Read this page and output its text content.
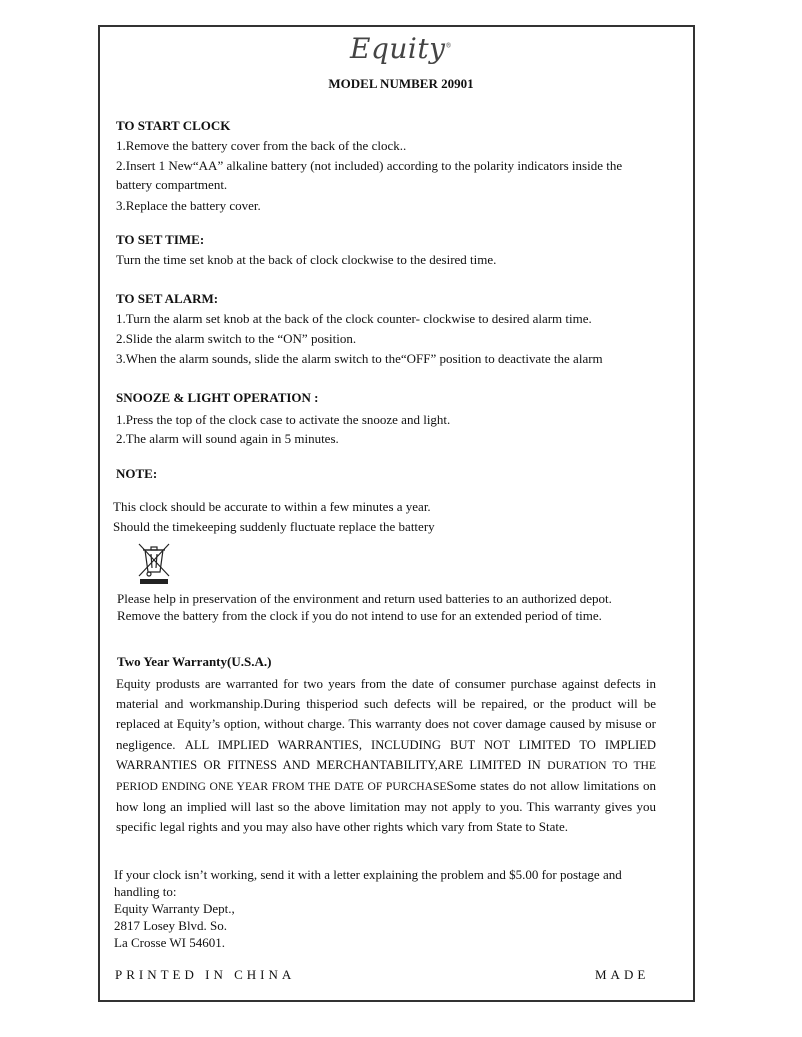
Equity®
MODEL NUMBER 20901
TO START CLOCK
1.Remove the battery cover from the back of the clock..
2.Insert 1 New“AA” alkaline battery (not included) according to the polarity indicators inside the
battery compartment.
3.Replace the battery cover.
TO SET TIME:
Turn the time set knob at the back of clock clockwise to the desired time.
TO SET ALARM:
1.Turn the alarm set knob at the back of the clock counter- clockwise to desired alarm time.
2.Slide the alarm switch to the “ON” position.
3.When the alarm sounds, slide the alarm switch to the“OFF” position to deactivate the alarm
SNOOZE & LIGHT OPERATION :
1.Press the top of the clock case to activate the snooze and light.
2.The alarm will sound again in 5 minutes.
NOTE:
This clock should be accurate to within a few minutes a year.
Should the timekeeping suddenly fluctuate replace the battery
Please help in preservation of the environment and return used batteries to an authorized depot.
Remove the battery from the clock if you do not intend to use for an extended period of time.
Two Year Warranty(U.S.A.)
Equity produsts are warranted for two years from the date of consumer purchase against defects in material and workmanship.During thisperiod such defects will be repaired, or the product will be replaced at Equity’s option, without charge. This warranty does not cover damage caused by misuse or negligence. ALL IMPLIED WARRANTIES, INCLUDING BUT NOT LIMITED TO IMPLIED WARRANTIES OR FITNESS AND MERCHANTABILITY,ARE LIMITED IN DURATION TO THE PERIOD ENDING ONE YEAR FROM THE DATE OF PURCHASESome states do not allow limitations on how long an implied will last so the above limitation may not apply to you. This warranty gives you specific legal rights and you may also have other rights which vary from State to State.
If your clock isn’t working, send it with a letter explaining the problem and $5.00 for postage and
handling to:
Equity Warranty Dept.,
2817 Losey Blvd. So.
La Crosse WI 54601.
PRINTED IN CHINA	MADE
